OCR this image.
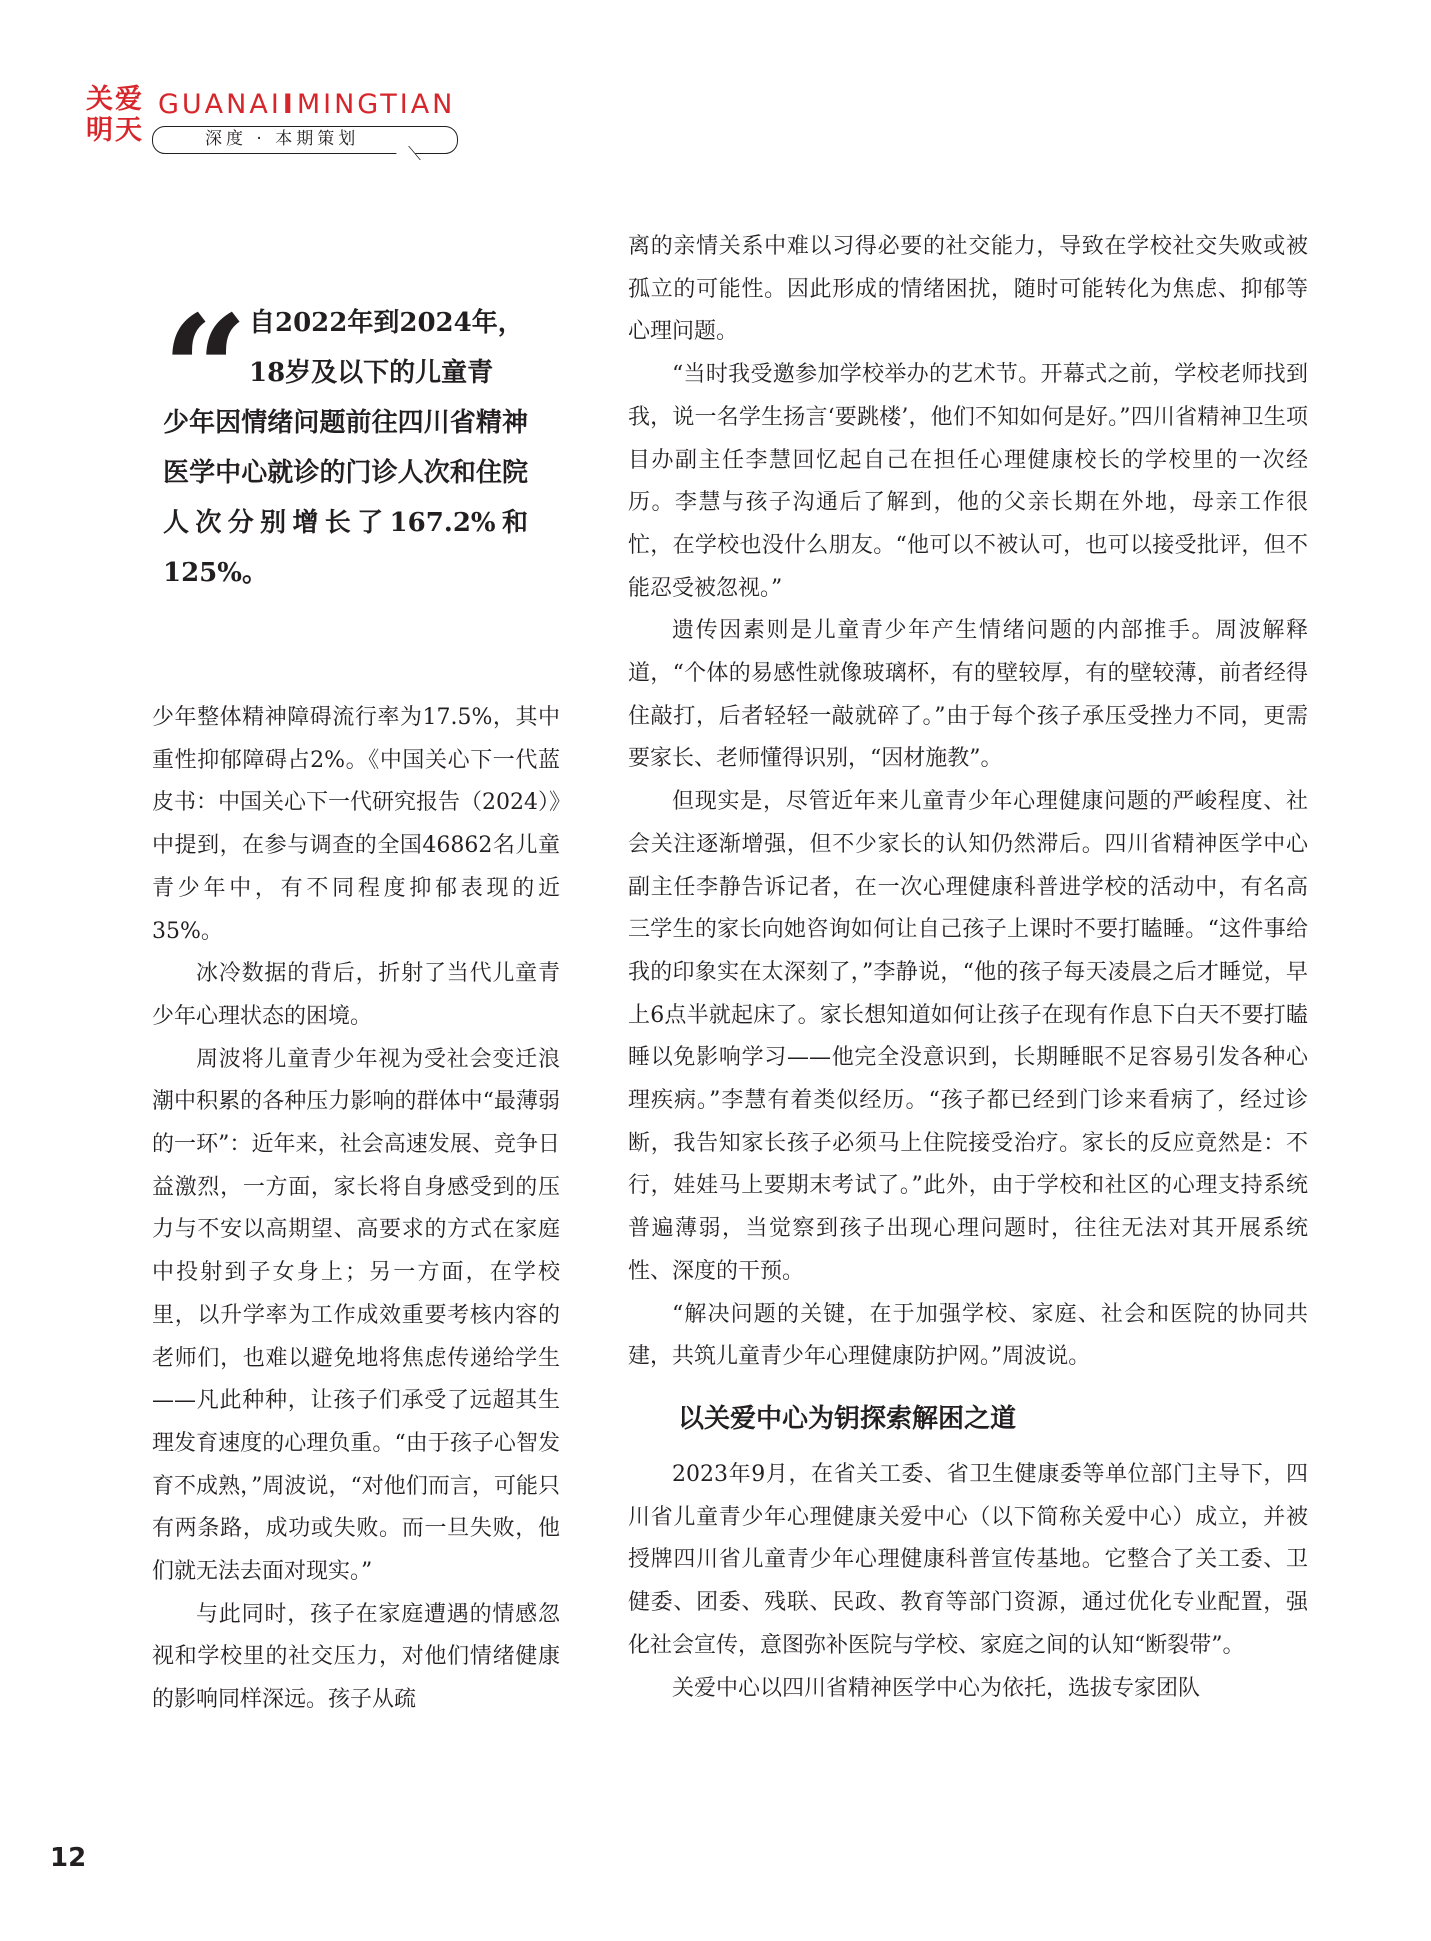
关爱
明天
GUANAIIMINGTIAN
深度 · 本期策划
“ 自2022年到2024年，
18岁及以下的儿童青
少年因情绪问题前往四川省精神医学中心就诊的门诊人次和住院人次分别增长了167.2%和125%。

少年整体精神障碍流行率为17.5%，其中重性抑郁障碍占2%。《中国关心下一代蓝皮书：中国关心下一代研究报告（2024）》中提到，在参与调查的全国46862名儿童青少年中，有不同程度抑郁表现的近35%。

冰冷数据的背后，折射了当代儿童青少年心理状态的困境。

周波将儿童青少年视为受社会变迁浪潮中积累的各种压力影响的群体中“最薄弱的一环”：近年来，社会高速发展、竞争日益激烈，一方面，家长将自身感受到的压力与不安以高期望、高要求的方式在家庭中投射到子女身上；另一方面，在学校里，以升学率为工作成效重要考核内容的老师们，也难以避免地将焦虑传递给学生——凡此种种，让孩子们承受了远超其生理发育速度的心理负重。“由于孩子心智发育不成熟，”周波说，“对他们而言，可能只有两条路，成功或失败。而一旦失败，他们就无法去面对现实。”

与此同时，孩子在家庭遭遇的情感忽视和学校里的社交压力，对他们情绪健康的影响同样深远。孩子从疏

离的亲情关系中难以习得必要的社交能力，导致在学校社交失败或被孤立的可能性。因此形成的情绪困扰，随时可能转化为焦虑、抑郁等心理问题。

“当时我受邀参加学校举办的艺术节。开幕式之前，学校老师找到我，说一名学生扬言‘要跳楼’，他们不知如何是好。”四川省精神卫生项目办副主任李慧回忆起自己在担任心理健康校长的学校里的一次经历。李慧与孩子沟通后了解到，他的父亲长期在外地，母亲工作很忙，在学校也没什么朋友。“他可以不被认可，也可以接受批评，但不能忍受被忽视。”

遗传因素则是儿童青少年产生情绪问题的内部推手。周波解释道，“个体的易感性就像玻璃杯，有的壁较厚，有的壁较薄，前者经得住敲打，后者轻轻一敲就碎了。”由于每个孩子承压受挫力不同，更需要家长、老师懂得识别，“因材施教”。

但现实是，尽管近年来儿童青少年心理健康问题的严峻程度、社会关注逐渐增强，但不少家长的认知仍然滞后。四川省精神医学中心副主任李静告诉记者，在一次心理健康科普进学校的活动中，有名高三学生的家长向她咨询如何让自己孩子上课时不要打瞌睡。“这件事给我的印象实在太深刻了，”李静说，“他的孩子每天凌晨之后才睡觉，早上6点半就起床了。家长想知道如何让孩子在现有作息下白天不要打瞌睡以免影响学习——他完全没意识到，长期睡眠不足容易引发各种心理疾病。”李慧有着类似经历。“孩子都已经到门诊来看病了，经过诊断，我告知家长孩子必须马上住院接受治疗。家长的反应竟然是：不行，娃娃马上要期末考试了。”此外，由于学校和社区的心理支持系统普遍薄弱，当觉察到孩子出现心理问题时，往往无法对其开展系统性、深度的干预。

“解决问题的关键，在于加强学校、家庭、社会和医院的协同共建，共筑儿童青少年心理健康防护网。”周波说。

以关爱中心为钥探索解困之道

2023年9月，在省关工委、省卫生健康委等单位部门主导下，四川省儿童青少年心理健康关爱中心（以下简称关爱中心）成立，并被授牌四川省儿童青少年心理健康科普宣传基地。它整合了关工委、卫健委、团委、残联、民政、教育等部门资源，通过优化专业配置，强化社会宣传，意图弥补医院与学校、家庭之间的认知“断裂带”。

关爱中心以四川省精神医学中心为依托，选拔专家团队

12
